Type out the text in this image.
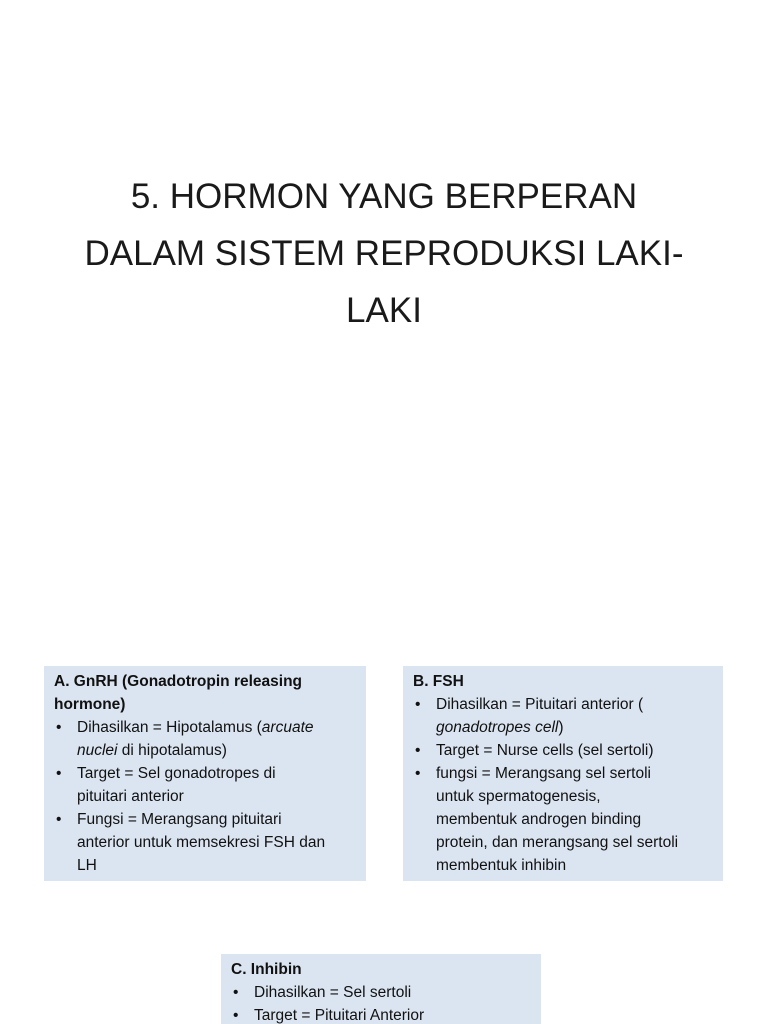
5. HORMON YANG BERPERAN
DALAM SISTEM REPRODUKSI LAKI-
LAKI
A. GnRH (Gonadotropin releasing
hormone)
• Dihasilkan = Hipotalamus (arcuate
nuclei di hipotalamus)
• Target = Sel gonadotropes di
pituitari anterior
• Fungsi = Merangsang pituitari
anterior untuk memsekresi FSH dan
LH
B. FSH
• Dihasilkan = Pituitari anterior (
gonadotropes cell)
• Target = Nurse cells (sel sertoli)
• fungsi = Merangsang sel sertoli
untuk spermatogenesis,
membentuk androgen binding
protein, dan merangsang sel sertoli
membentuk inhibin
C. Inhibin
• Dihasilkan = Sel sertoli
• Target = Pituitari Anterior
